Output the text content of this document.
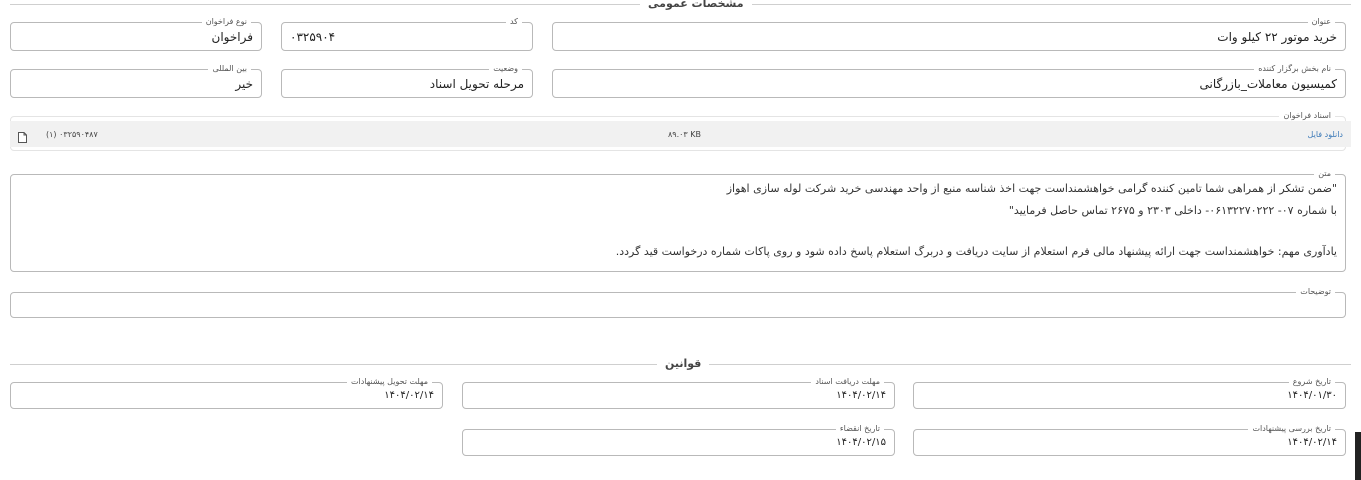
مشخصات عمومی
عنوان
خرید موتور ۲۲ کیلو وات
کد
۰۳۲۵۹۰۴
نوع فراخوان
فراخوان
نام بخش برگزار کننده
کمیسیون معاملات_بازرگانی
وضعیت
مرحله تحویل اسناد
بین المللی
خیر
اسناد فراخوان
دانلود فایل
۸۹.۰۳ KB
۰۳۲۵۹۰۴۸۷ (۱)
متن
"ضمن تشکر از همراهی شما تامین کننده گرامی خواهشمنداست جهت اخذ شناسه منبع از واحد مهندسی خرید شرکت لوله سازی اهواز
با شماره ۰۷- ۰۶۱۳۲۲۷۰۲۲۲- داخلی ۲۳۰۳ و ۲۶۷۵ تماس حاصل فرمایید"
یادآوری مهم: خواهشمنداست جهت ارائه پیشنهاد مالی فرم استعلام از سایت دریافت و دربرگ استعلام پاسخ داده شود و روی پاکات شماره درخواست قید گردد.
توضیحات
قوانین
تاریخ شروع
۱۴۰۴/۰۱/۳۰
مهلت دریافت اسناد
۱۴۰۴/۰۲/۱۴
مهلت تحویل پیشنهادات
۱۴۰۴/۰۲/۱۴
تاریخ بررسی پیشنهادات
۱۴۰۴/۰۲/۱۴
تاریخ انقضاء
۱۴۰۴/۰۲/۱۵
